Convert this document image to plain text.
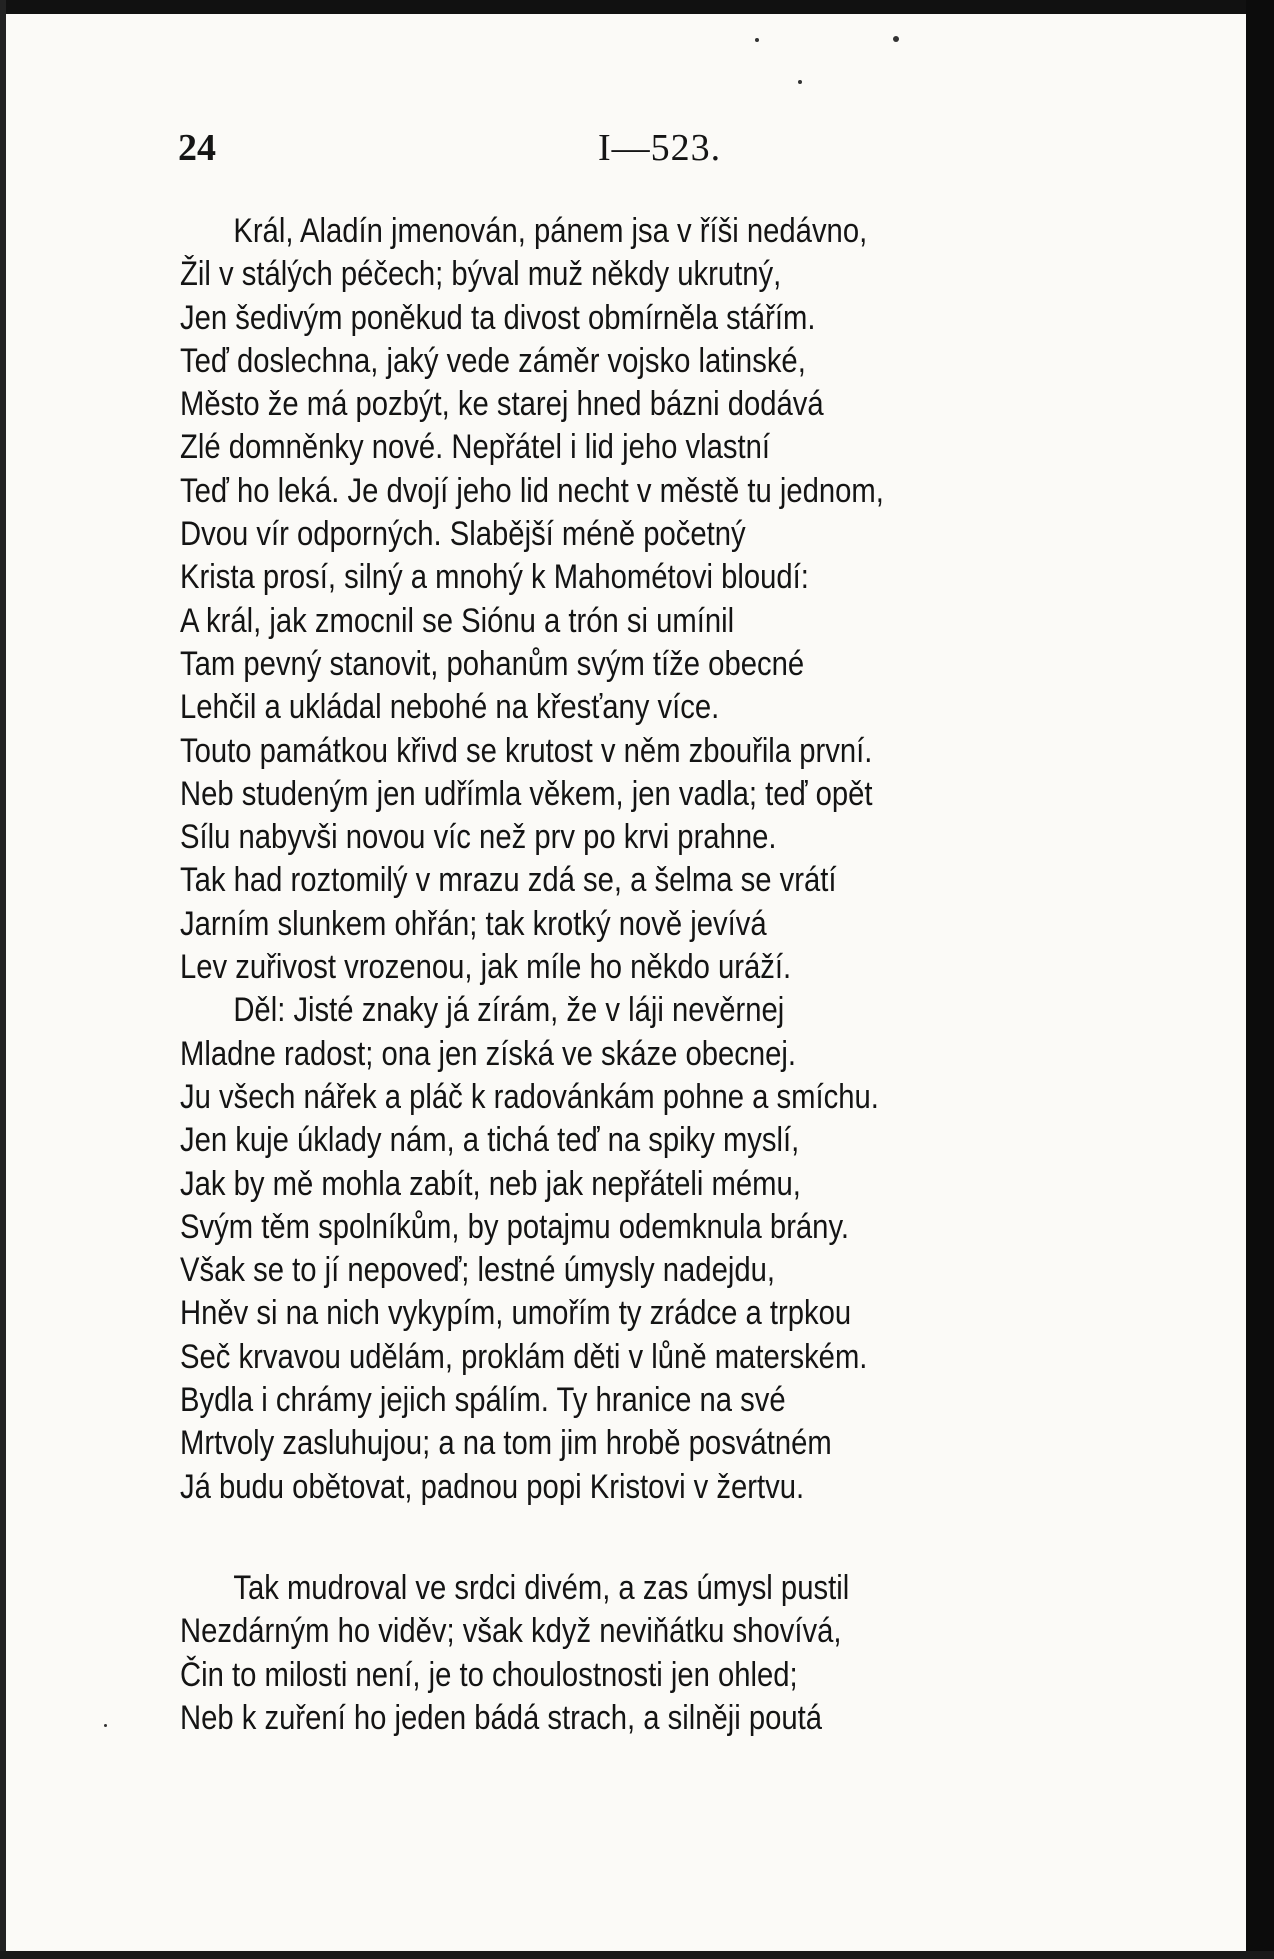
24	I—523.
Král, Aladín jmenován, pánem jsa v říši nedávno,
Žil v stálých péčech; býval muž někdy ukrutný,
Jen šedivým poněkud ta divost obmírněla stářím.
Teď doslechna, jaký vede záměr vojsko latinské,
Město že má pozbýt, ke starej hned bázni dodává
Zlé domněnky nové. Nepřátel i lid jeho vlastní
Teď ho leká. Je dvojí jeho lid necht v městě tu jednom,
Dvou vír odporných. Slabější méně početný
Krista prosí, silný a mnohý k Mahométovi bloudí:
A král, jak zmocnil se Siónu a trón si umínil
Tam pevný stanovit, pohanům svým tíže obecné
Lehčil a ukládal nebohé na křesťany více.
Touto památkou křivd se krutost v něm zbouřila první.
Neb studeným jen udřímla věkem, jen vadla; teď opět
Sílu nabyvši novou víc než prv po krvi prahne.
Tak had roztomilý v mrazu zdá se, a šelma se vrátí
Jarním slunkem ohřán; tak krotký nově jevívá
Lev zuřivost vrozenou, jak míle ho někdo uráží.
Děl: Jisté znaky já zírám, že v láji nevěrnej
Mladne radost; ona jen získá ve skáze obecnej.
Ju všech nářek a pláč k radovánkám pohne a smíchu.
Jen kuje úklady nám, a tichá teď na spiky myslí,
Jak by mě mohla zabít, neb jak nepřáteli mému,
Svým těm spolníkům, by potajmu odemknula brány.
Však se to jí nepoveď; lestné úmysly nadejdu,
Hněv si na nich vykypím, umořím ty zrádce a trpkou
Seč krvavou udělám, proklám děti v lůně materském.
Bydla i chrámy jejich spálím. Ty hranice na své
Mrtvoly zasluhujou; a na tom jim hrobě posvátném
Já budu obětovat, padnou popi Kristovi v žertvu.
Tak mudroval ve srdci divém, a zas úmysl pustil
Nezdárným ho viděv; však když neviňátku shovívá,
Čin to milosti není, je to choulostnosti jen ohled;
Neb k zuření ho jeden bádá strach, a silněji poutá
